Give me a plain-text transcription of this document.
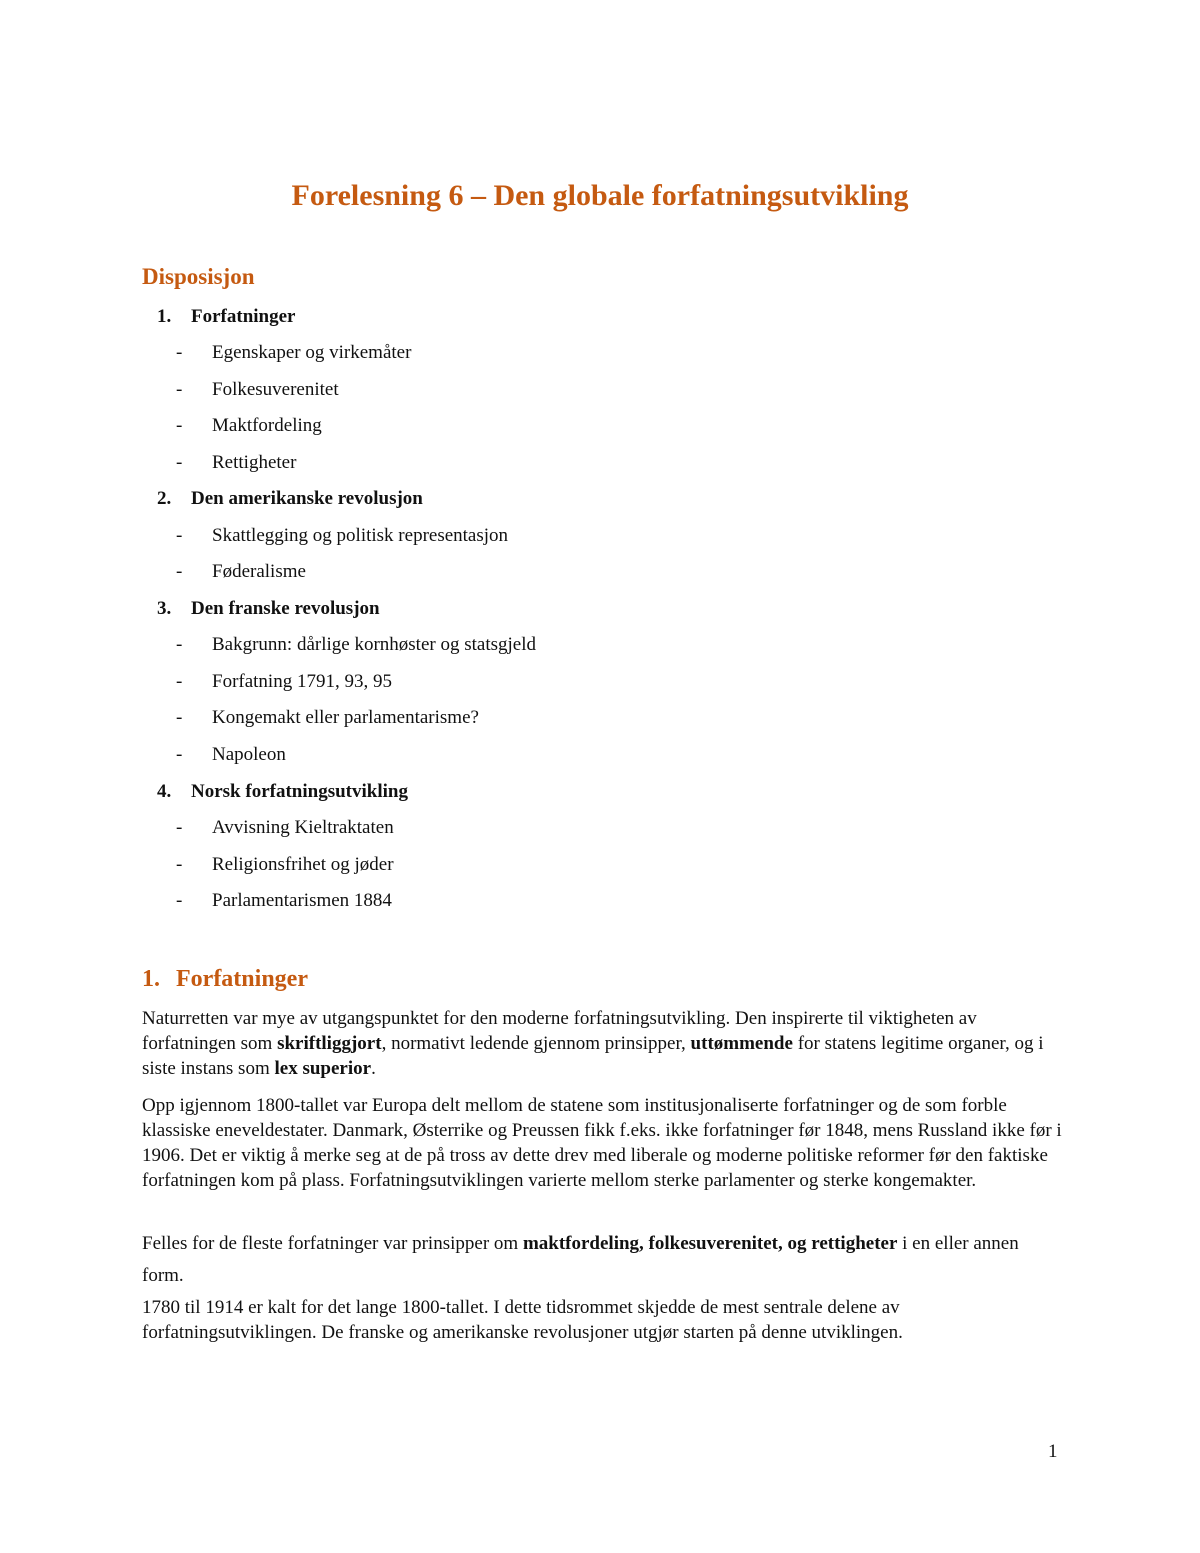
Forelesning 6 – Den globale forfatningsutvikling
Disposisjon
1.	Forfatninger
- Egenskaper og virkemåter
- Folkesuverenitet
- Maktfordeling
- Rettigheter
2.	Den amerikanske revolusjon
- Skattlegging og politisk representasjon
- Føderalisme
3.	Den franske revolusjon
- Bakgrunn: dårlige kornhøster og statsgjeld
- Forfatning 1791, 93, 95
- Kongemakt eller parlamentarisme?
- Napoleon
4.	Norsk forfatningsutvikling
- Avvisning Kieltraktaten
- Religionsfrihet og jøder
- Parlamentarismen 1884
1. Forfatninger

Naturretten var mye av utgangspunktet for den moderne forfatningsutvikling. Den inspirerte til viktigheten av forfatningen som skriftliggjort, normativt ledende gjennom prinsipper, uttømmende for statens legitime organer, og i siste instans som lex superior.

Opp igjennom 1800-tallet var Europa delt mellom de statene som institusjonaliserte forfatninger og de som forble klassiske eneveldestater. Danmark, Østerrike og Preussen fikk f.eks. ikke forfatninger før 1848, mens Russland ikke før i 1906. Det er viktig å merke seg at de på tross av dette drev med liberale og moderne politiske reformer før den faktiske forfatningen kom på plass. Forfatningsutviklingen varierte mellom sterke parlamenter og sterke kongemakter.

Felles for de fleste forfatninger var prinsipper om maktfordeling, folkesuverenitet, og rettigheter i en eller annen form.

1780 til 1914 er kalt for det lange 1800-tallet. I dette tidsrommet skjedde de mest sentrale delene av forfatningsutviklingen. De franske og amerikanske revolusjoner utgjør starten på denne utviklingen.

1
